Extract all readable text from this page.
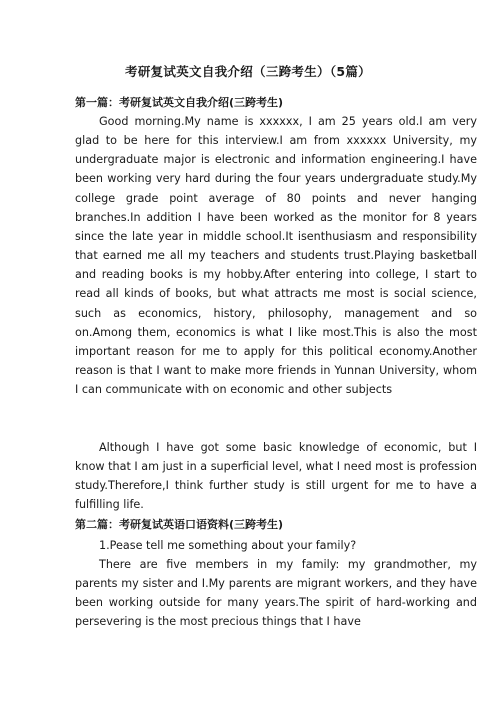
考研复试英文自我介绍（三跨考生）（5篇）
第一篇：考研复试英文自我介绍(三跨考生)

Good morning.My name is xxxxxx, I am 25 years old.I am very glad to be here for this interview.I am from xxxxxx University, my undergraduate major is electronic and information engineering.I have been working very hard during the four years undergraduate study.My college grade point average of 80 points and never hanging branches.In addition I have been worked as the monitor for 8 years since the late year in middle school.It isenthusiasm and responsibility that earned me all my teachers and students trust.Playing basketball and reading books is my hobby.After entering into college, I start to read all kinds of books, but what attracts me most is social science, such as economics, history, philosophy, management and so on.Among them, economics is what I like most.This is also the most important reason for me to apply for this political economy.Another reason is that I want to make more friends in Yunnan University, whom I can communicate with on economic and other subjects

Although I have got some basic knowledge of economic, but I know that I am just in a superficial level, what I need most is profession study.Therefore,I think further study is still urgent for me to have a fulfilling life.

第二篇：考研复试英语口语资料(三跨考生)

1.Pease tell me something about your family?

There are five members in my family: my grandmother, my parents my sister and I.My parents are migrant workers, and they have been working outside for many years.The spirit of hard-working and persevering is the most precious things that I have
